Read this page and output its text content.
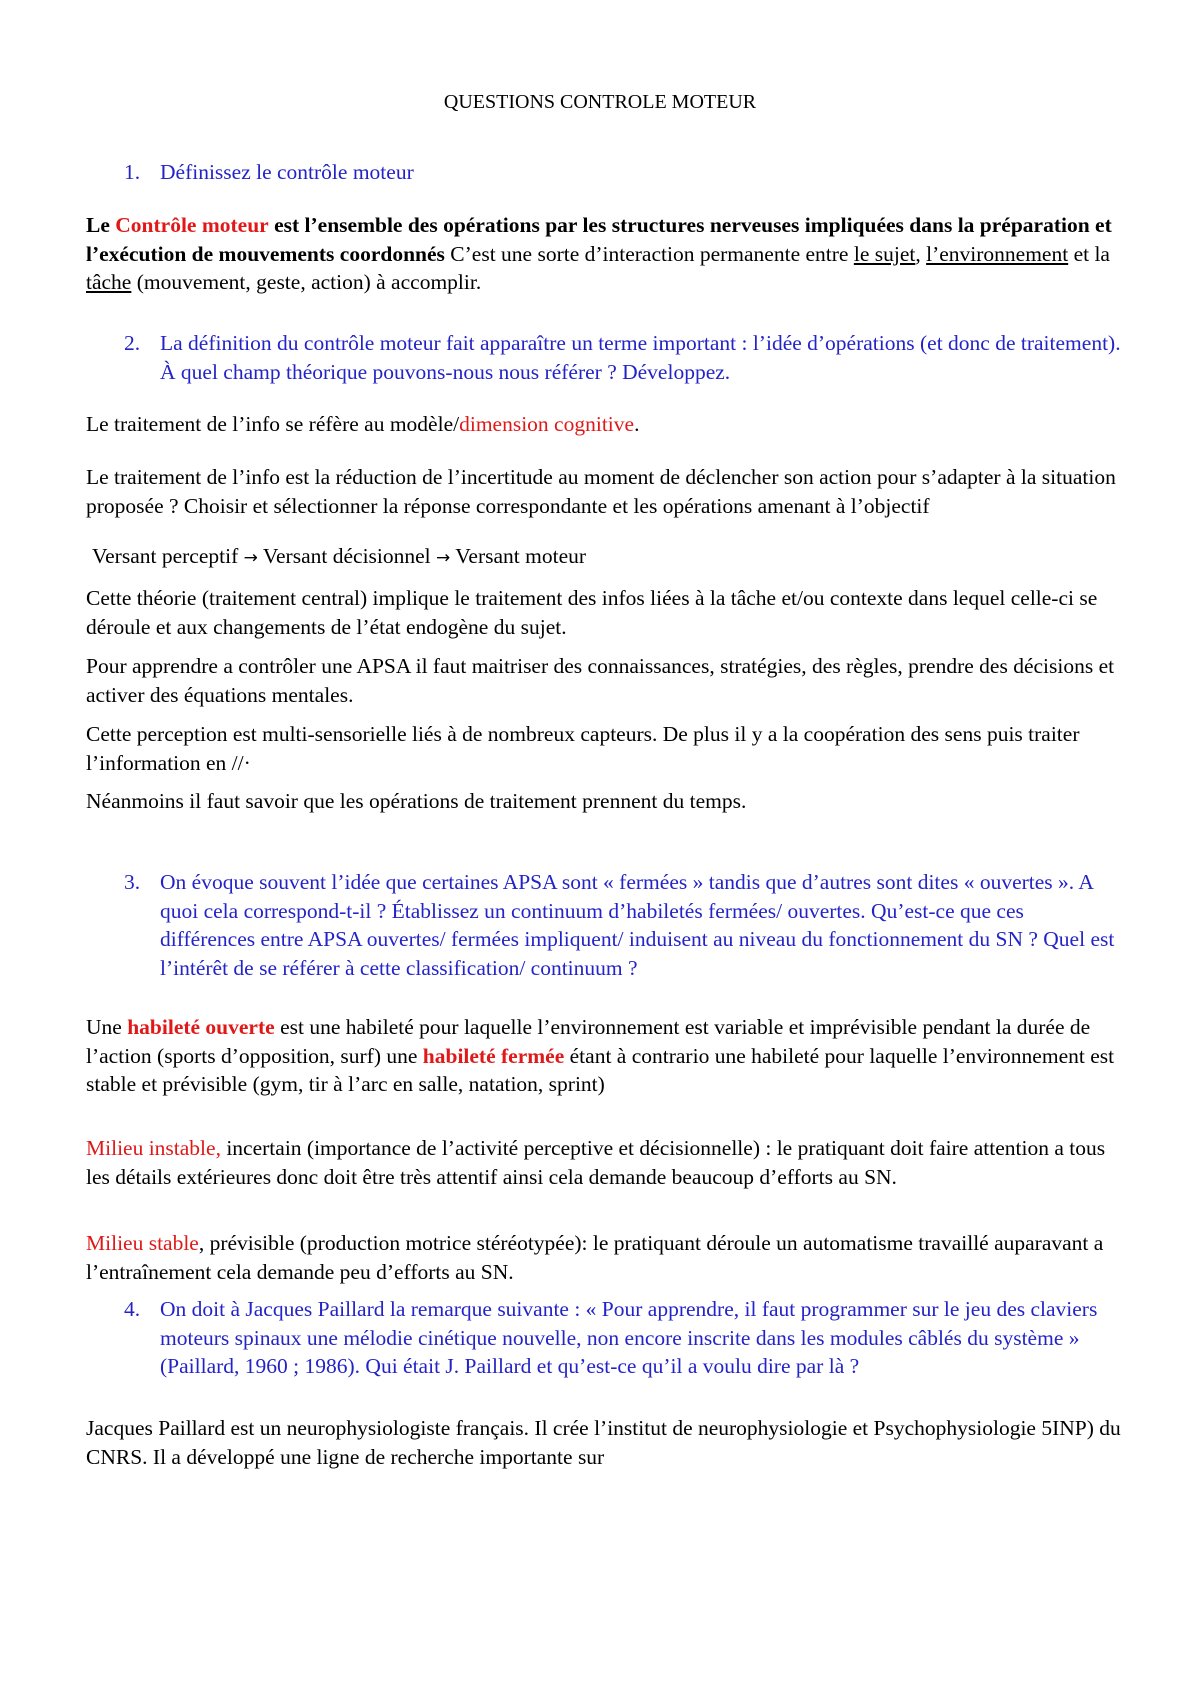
QUESTIONS CONTROLE MOTEUR
1. Définissez le contrôle moteur

Le Contrôle moteur est l’ensemble des opérations par les structures nerveuses impliquées dans la préparation et l’exécution de mouvements coordonnés C’est une sorte d’interaction permanente entre le sujet, l’environnement et la tâche (mouvement, geste, action) à accomplir.

2. La définition du contrôle moteur fait apparaître un terme important : l’idée d’opérations (et donc de traitement). À quel champ théorique pouvons-nous nous référer ? Développez.

Le traitement de l’info se réfère au modèle/dimension cognitive.

Le traitement de l’info est la réduction de l’incertitude au moment de déclencher son action pour s’adapter à la situation proposée ? Choisir et sélectionner la réponse correspondante et les opérations amenant à l’objectif

Versant perceptif → Versant décisionnel → Versant moteur

Cette théorie (traitement central) implique le traitement des infos liées à la tâche et/ou contexte dans lequel celle-ci se déroule et aux changements de l’état endogène du sujet.

Pour apprendre a contrôler une APSA il faut maitriser des connaissances, stratégies, des règles, prendre des décisions et activer des équations mentales.

Cette perception est multi-sensorielle liés à de nombreux capteurs. De plus il y a la coopération des sens puis traiter l’information en //·

Néanmoins il faut savoir que les opérations de traitement prennent du temps.

3. On évoque souvent l’idée que certaines APSA sont « fermées » tandis que d’autres sont dites « ouvertes ». A quoi cela correspond-t-il ? Établissez un continuum d’habiletés fermées/ ouvertes. Qu’est-ce que ces différences entre APSA ouvertes/ fermées impliquent/ induisent au niveau du fonctionnement du SN ? Quel est l’intérêt de se référer à cette classification/ continuum ?

Une habileté ouverte est une habileté pour laquelle l’environnement est variable et imprévisible pendant la durée de l’action (sports d’opposition, surf) une habileté fermée étant à contrario une habileté pour laquelle l’environnement est stable et prévisible (gym, tir à l’arc en salle, natation, sprint)

Milieu instable, incertain (importance de l’activité perceptive et décisionnelle) : le pratiquant doit faire attention a tous les détails extérieures donc doit être très attentif ainsi cela demande beaucoup d’efforts au SN.

Milieu stable, prévisible (production motrice stéréotypée): le pratiquant déroule un automatisme travaillé auparavant a l’entraînement cela demande peu d’efforts au SN.

4. On doit à Jacques Paillard la remarque suivante : « Pour apprendre, il faut programmer sur le jeu des claviers moteurs spinaux une mélodie cinétique nouvelle, non encore inscrite dans les modules câblés du système » (Paillard, 1960 ; 1986). Qui était J. Paillard et qu’est-ce qu’il a voulu dire par là ?

Jacques Paillard est un neurophysiologiste français. Il crée l’institut de neurophysiologie et Psychophysiologie 5INP) du CNRS. Il a développé une ligne de recherche importante sur
